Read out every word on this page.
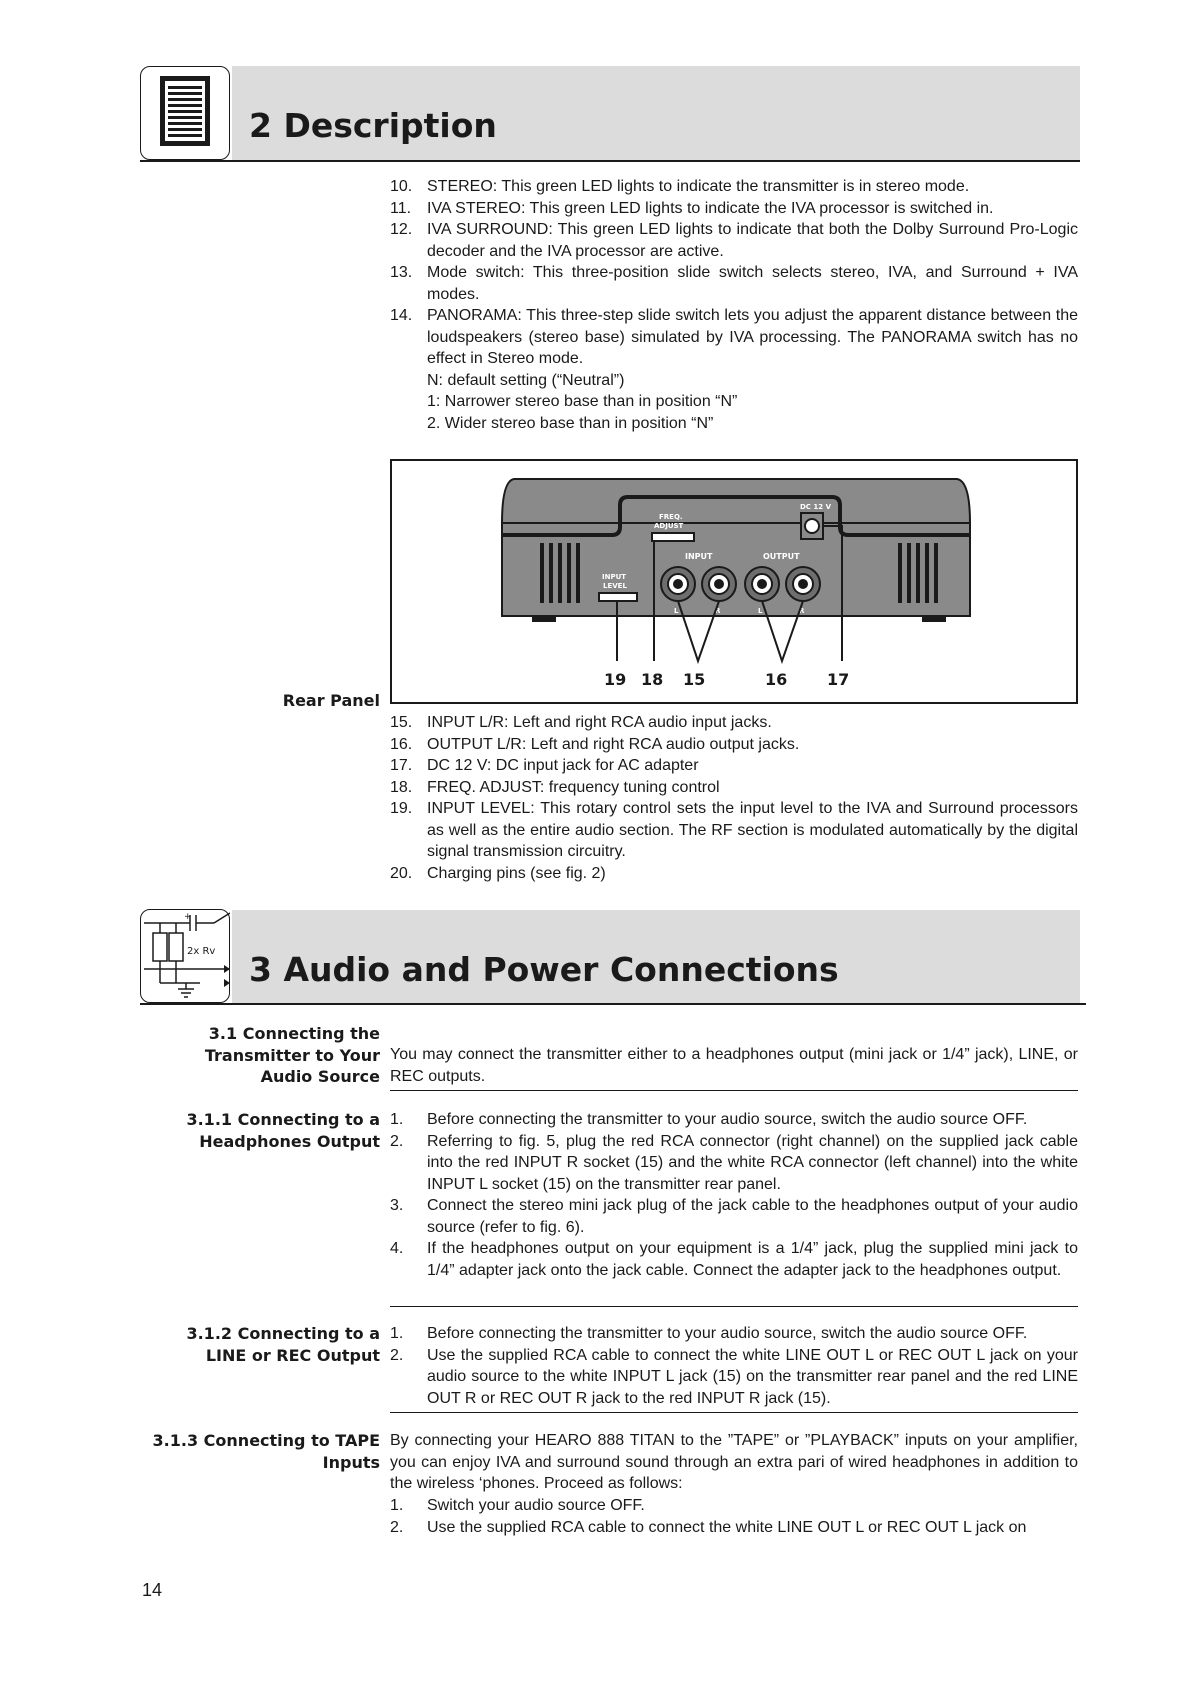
2 Description
10. STEREO: This green LED lights to indicate the transmitter is in stereo mode.
11. IVA STEREO: This green LED lights to indicate the IVA processor is switched in.
12. IVA SURROUND: This green LED lights to indicate that both the Dolby Surround Pro-Logic decoder and the IVA processor are active.
13. Mode switch: This three-position slide switch selects stereo, IVA, and Surround + IVA modes.
14. PANORAMA: This three-step slide switch lets you adjust the apparent distance between the loudspeakers (stereo base) simulated by IVA processing. The PANORAMA switch has no effect in Stereo mode.
N: default setting (“Neutral”)
1: Narrower stereo base than in position “N”
2. Wider stereo base than in position “N”
FREQ.
ADJUST
DC 12 V
INPUT	OUTPUT
INPUT
LEVEL
L	R	L	R
19 18 15	16 17
Rear Panel
15. INPUT L/R: Left and right RCA audio input jacks.
16. OUTPUT L/R: Left and right RCA audio output jacks.
17. DC 12 V: DC input jack for AC adapter
18. FREQ. ADJUST: frequency tuning control
19. INPUT LEVEL: This rotary control sets the input level to the IVA and Surround processors as well as the entire audio section. The RF section is modulated automatically by the digital signal transmission circuitry.
20. Charging pins (see fig. 2)
+
2x Rv 3 Audio and Power Connections
3.1 Connecting the Transmitter to Your Audio Source
You may connect the transmitter either to a headphones output (mini jack or 1/4” jack), LINE, or REC outputs.
3.1.1 Connecting to a Headphones Output
1. Before connecting the transmitter to your audio source, switch the audio source OFF.
2. Referring to fig. 5, plug the red RCA connector (right channel) on the supplied jack cable into the red INPUT R socket (15) and the white RCA connector (left channel) into the white INPUT L socket (15) on the transmitter rear panel.
3. Connect the stereo mini jack plug of the jack cable to the headphones output of your audio source (refer to fig. 6).
4. If the headphones output on your equipment is a 1/4” jack, plug the supplied mini jack to 1/4” adapter jack onto the jack cable. Connect the adapter jack to the headphones output.
3.1.2 Connecting to a LINE or REC Output
1. Before connecting the transmitter to your audio source, switch the audio source OFF.
2. Use the supplied RCA cable to connect the white LINE OUT L or REC OUT L jack on your audio source to the white INPUT L jack (15) on the transmitter rear panel and the red LINE OUT R or REC OUT R jack to the red INPUT R jack (15).
3.1.3 Connecting to TAPE Inputs
By connecting your HEARO 888 TITAN to the ”TAPE” or ”PLAYBACK” inputs on your amplifier, you can enjoy IVA and surround sound through an extra pari of wired headphones in addition to the wireless ‘phones. Proceed as follows:
1. Switch your audio source OFF.
2. Use the supplied RCA cable to connect the white LINE OUT L or REC OUT L jack on
14
